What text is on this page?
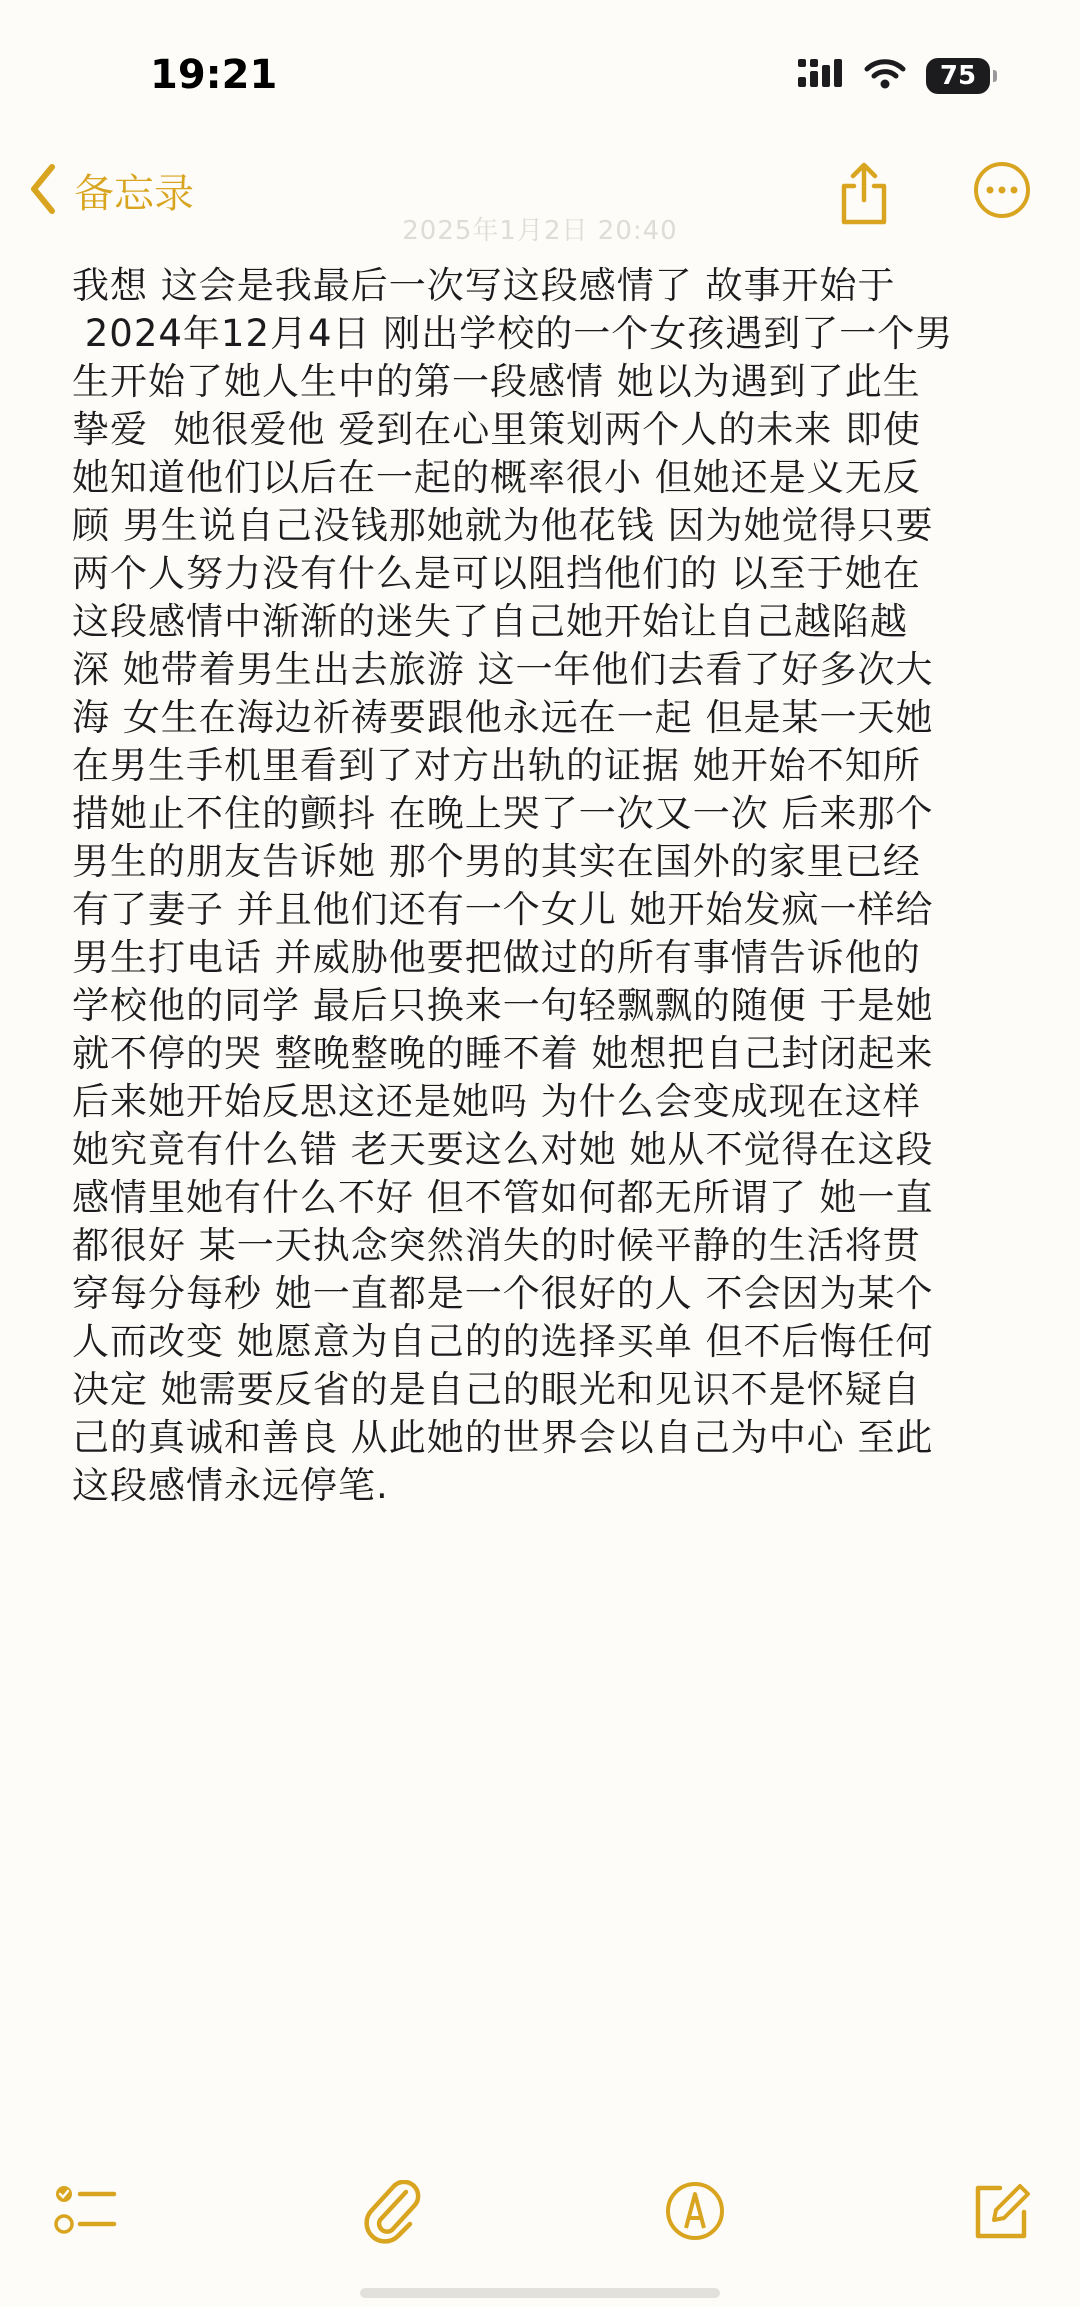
19:21	75
备忘录
2025年1月2日 20:40
我想 这会是我最后一次写这段感情了 故事开始于
2024年12月4日 刚出学校的一个女孩遇到了一个男
生开始了她人生中的第一段感情 她以为遇到了此生
挚爱  她很爱他 爱到在心里策划两个人的未来 即使
她知道他们以后在一起的概率很小 但她还是义无反
顾 男生说自己没钱那她就为他花钱 因为她觉得只要
两个人努力没有什么是可以阻挡他们的 以至于她在
这段感情中渐渐的迷失了自己她开始让自己越陷越
深 她带着男生出去旅游 这一年他们去看了好多次大
海 女生在海边祈祷要跟他永远在一起 但是某一天她
在男生手机里看到了对方出轨的证据 她开始不知所
措她止不住的颤抖 在晚上哭了一次又一次 后来那个
男生的朋友告诉她 那个男的其实在国外的家里已经
有了妻子 并且他们还有一个女儿 她开始发疯一样给
男生打电话 并威胁他要把做过的所有事情告诉他的
学校他的同学 最后只换来一句轻飘飘的随便 于是她
就不停的哭 整晚整晚的睡不着 她想把自己封闭起来
后来她开始反思这还是她吗 为什么会变成现在这样
她究竟有什么错 老天要这么对她 她从不觉得在这段
感情里她有什么不好 但不管如何都无所谓了 她一直
都很好 某一天执念突然消失的时候平静的生活将贯
穿每分每秒 她一直都是一个很好的人 不会因为某个
人而改变 她愿意为自己的的选择买单 但不后悔任何
决定 她需要反省的是自己的眼光和见识不是怀疑自
己的真诚和善良 从此她的世界会以自己为中心 至此
这段感情永远停笔.
